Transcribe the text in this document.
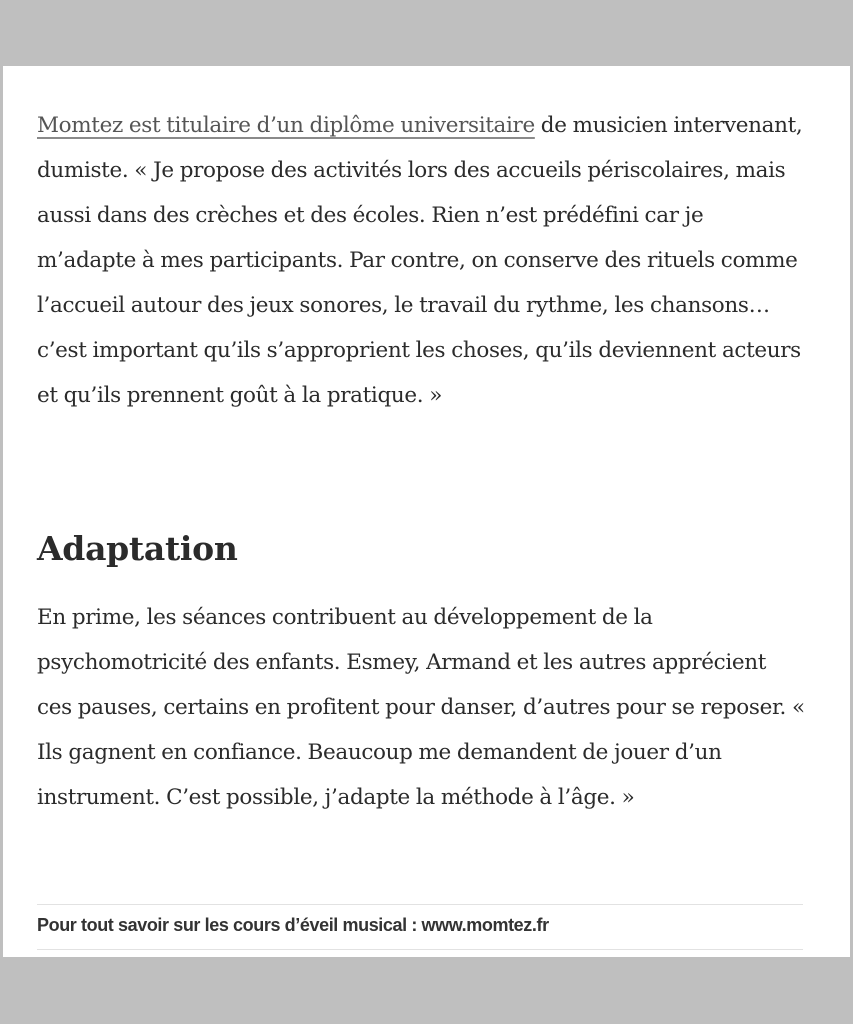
Momtez est titulaire d’un diplôme universitaire de musicien intervenant, dumiste. « Je propose des activités lors des accueils périscolaires, mais aussi dans des crèches et des écoles. Rien n’est prédéfini car je m’adapte à mes participants. Par contre, on conserve des rituels comme l’accueil autour des jeux sonores, le travail du rythme, les chansons… c’est important qu’ils s’approprient les choses, qu’ils deviennent acteurs et qu’ils prennent goût à la pratique. »

Adaptation

En prime, les séances contribuent au développement de la psychomotricité des enfants. Esmey, Armand et les autres apprécient ces pauses, certains en profitent pour danser, d’autres pour se reposer. « Ils gagnent en confiance. Beaucoup me demandent de jouer d’un instrument. C’est possible, j’adapte la méthode à l’âge. »

Pour tout savoir sur les cours d’éveil musical : www.momtez.fr
